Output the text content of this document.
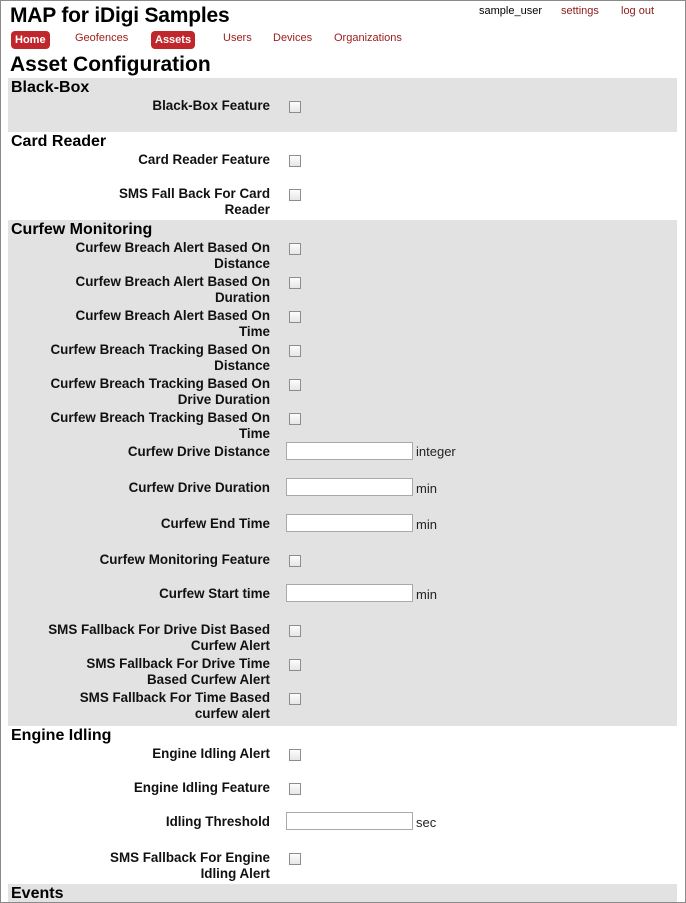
MAP for iDigi Samples	sample_user settings log out
Home	Geofences	Assets	Users Devices Organizations
Asset Configuration
Black-Box
Black-Box Feature
Card Reader
Card Reader Feature
SMS Fall Back For Card Reader
Curfew Monitoring
Curfew Breach Alert Based On Distance
Curfew Breach Alert Based On Duration
Curfew Breach Alert Based On Time
Curfew Breach Tracking Based On Distance
Curfew Breach Tracking Based On Drive Duration
Curfew Breach Tracking Based On Time
Curfew Drive Distance	integer
Curfew Drive Duration	min
Curfew End Time	min
Curfew Monitoring Feature
Curfew Start time	min
SMS Fallback For Drive Dist Based Curfew Alert
SMS Fallback For Drive Time Based Curfew Alert
SMS Fallback For Time Based curfew alert
Engine Idling
Engine Idling Alert
Engine Idling Feature
Idling Threshold	sec
SMS Fallback For Engine Idling Alert
Events
